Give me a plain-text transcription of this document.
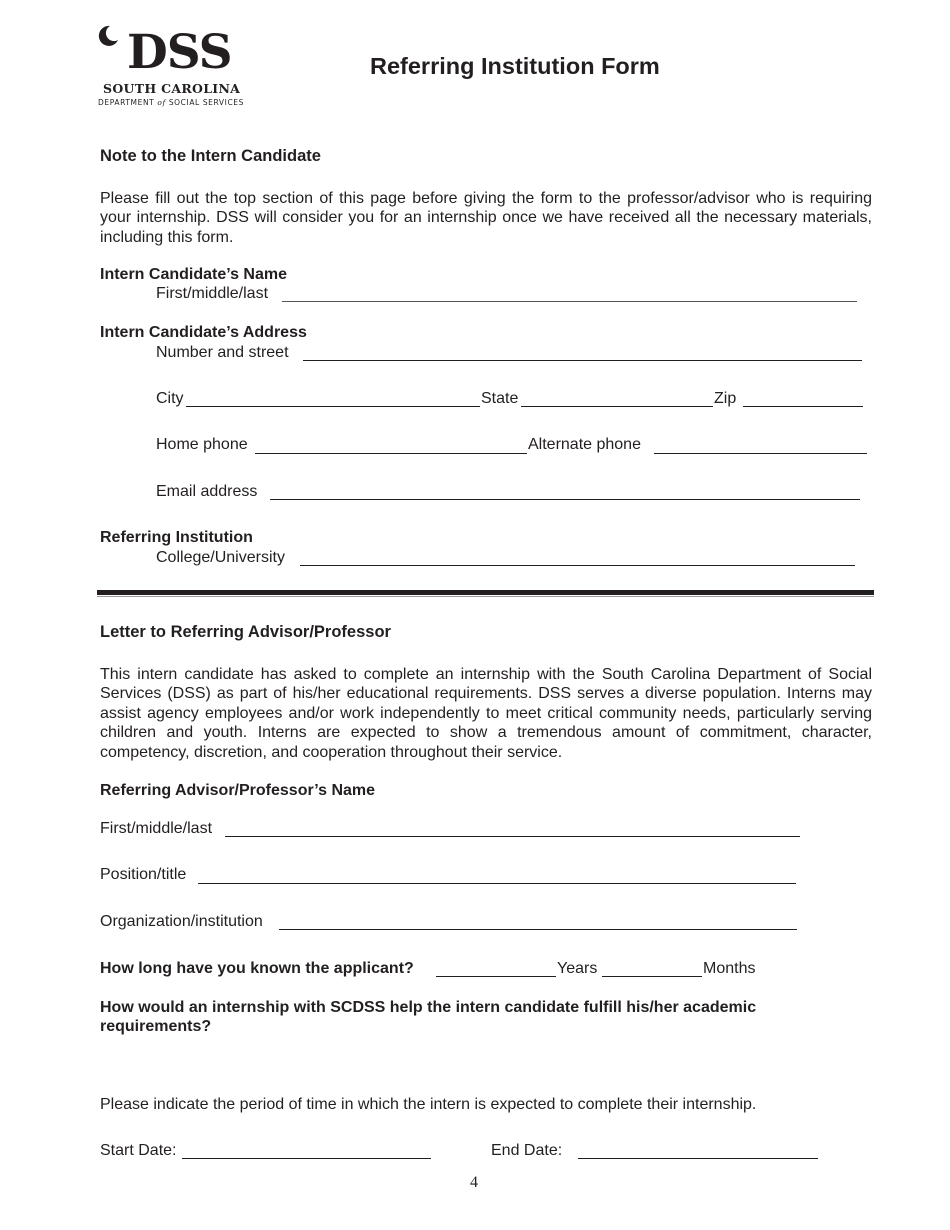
DSS
SOUTH CAROLINA
DEPARTMENT of SOCIAL SERVICES
Referring Institution Form
Note to the Intern Candidate
Please fill out the top section of this page before giving the form to the professor/advisor who is requiring your internship. DSS will consider you for an internship once we have received all the necessary materials, including this form.
Intern Candidate’s Name
First/middle/last
Intern Candidate’s Address
Number and street
City	State	Zip
Home phone	Alternate phone
Email address
Referring Institution
College/University
Letter to Referring Advisor/Professor
This intern candidate has asked to complete an internship with the South Carolina Department of Social Services (DSS) as part of his/her educational requirements. DSS serves a diverse population. Interns may assist agency employees and/or work independently to meet critical community needs, particularly serving children and youth. Interns are expected to show a tremendous amount of commitment, character, competency, discretion, and cooperation throughout their service.
Referring Advisor/Professor’s Name
First/middle/last
Position/title
Organization/institution
How long have you known the applicant?	Years	Months
How would an internship with SCDSS help the intern candidate fulfill his/her academic requirements?
Please indicate the period of time in which the intern is expected to complete their internship.
Start Date:	End Date:
4
